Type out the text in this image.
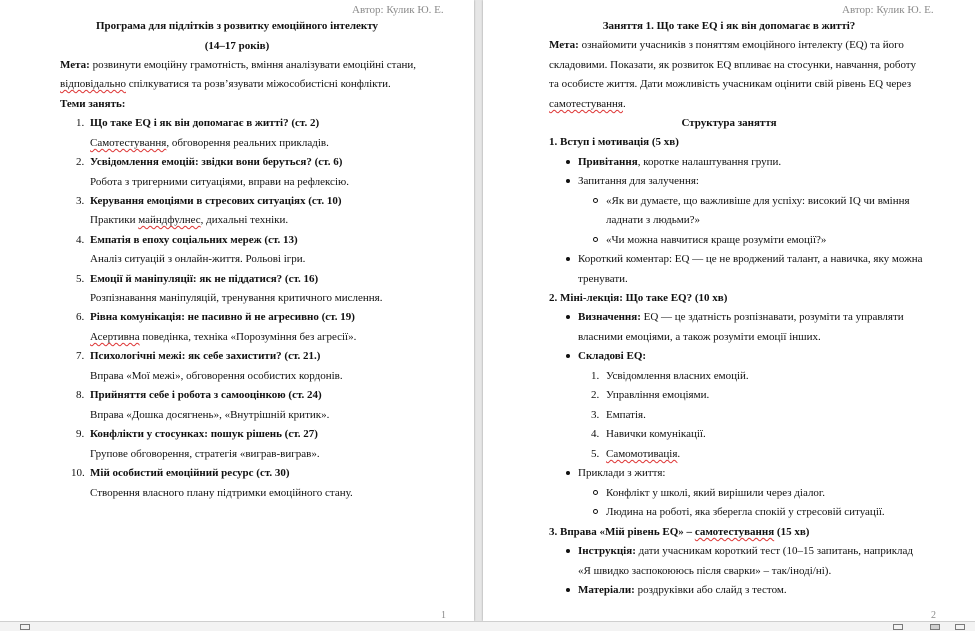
Автор: Кулик Ю. Е.
Програма для підлітків з розвитку емоційного інтелекту
(14–17 років)
Мета: розвинути емоційну грамотність, вміння аналізувати емоційні стани,
відповідально спілкуватися та розв’язувати міжособистісні конфлікти.
Теми занять:
1. Що таке EQ і як він допомагає в житті? (ст. 2)
Самотестування, обговорення реальних прикладів.
2. Усвідомлення емоцій: звідки вони беруться? (ст. 6)
Робота з тригерними ситуаціями, вправи на рефлексію.
3. Керування емоціями в стресових ситуаціях (ст. 10)
Практики майндфулнес, дихальні техніки.
4. Емпатія в епоху соціальних мереж (ст. 13)
Аналіз ситуацій з онлайн-життя. Рольові ігри.
5. Емоції й маніпуляції: як не піддатися? (ст. 16)
Розпізнавання маніпуляцій, тренування критичного мислення.
6. Рівна комунікація: не пасивно й не агресивно (ст. 19)
Асертивна поведінка, техніка «Порозуміння без агресії».
7. Психологічні межі: як себе захистити? (ст. 21.)
Вправа «Мої межі», обговорення особистих кордонів.
8. Прийняття себе і робота з самооцінкою (ст. 24)
Вправа «Дошка досягнень», «Внутрішній критик».
9. Конфлікти у стосунках: пошук рішень (ст. 27)
Групове обговорення, стратегія «виграв-виграв».
10. Мій особистий емоційний ресурс (ст. 30)
Створення власного плану підтримки емоційного стану.
1
Автор: Кулик Ю. Е.
Заняття 1. Що таке EQ і як він допомагає в житті?
Мета: ознайомити учасників з поняттям емоційного інтелекту (EQ) та його
складовими. Показати, як розвиток EQ впливає на стосунки, навчання, роботу
та особисте життя. Дати можливість учасникам оцінити свій рівень EQ через
самотестування.
Структура заняття
1. Вступ і мотивація (5 хв)
Привітання, коротке налаштування групи.
Запитання для залучення:
«Як ви думаєте, що важливіше для успіху: високий IQ чи вміння
ладнати з людьми?»
«Чи можна навчитися краще розуміти емоції?»
Короткий коментар: EQ — це не вроджений талант, а навичка, яку можна
тренувати.
2. Міні-лекція: Що таке EQ? (10 хв)
Визначення: EQ — це здатність розпізнавати, розуміти та управляти
власними емоціями, а також розуміти емоції інших.
Складові EQ:
1. Усвідомлення власних емоцій.
2. Управління емоціями.
3. Емпатія.
4. Навички комунікації.
5. Самомотивація.
Приклади з життя:
Конфлікт у школі, який вирішили через діалог.
Людина на роботі, яка зберегла спокій у стресовій ситуації.
3. Вправа «Мій рівень EQ» – самотестування (15 хв)
Інструкція: дати учасникам короткий тест (10–15 запитань, наприклад
«Я швидко заспокоююсь після сварки» – так/іноді/ні).
Матеріали: роздруківки або слайд з тестом.
2
